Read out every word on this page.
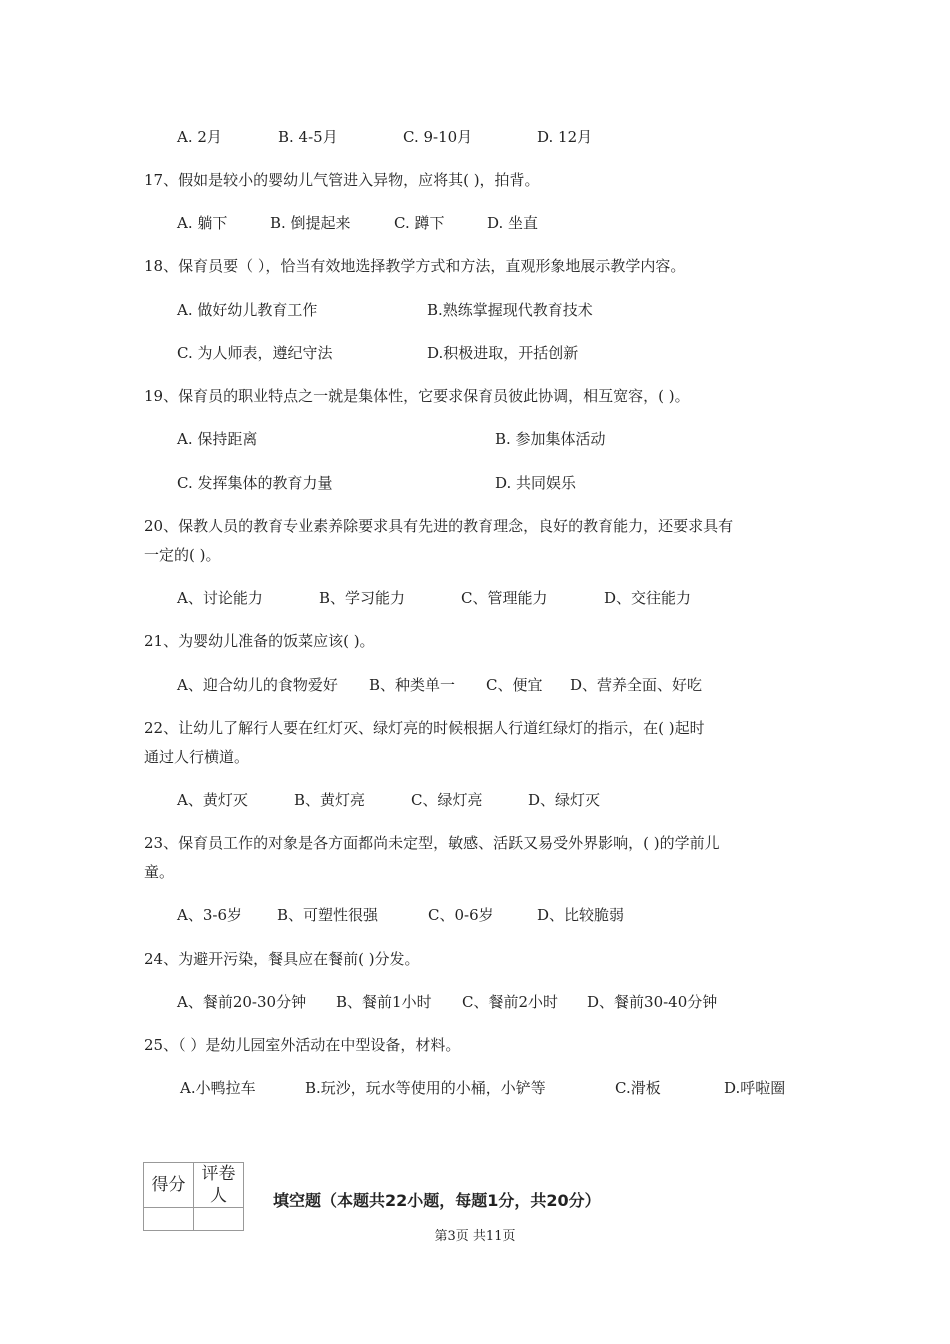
A. 2月	B. 4-5月	C. 9-10月	D. 12月
17、假如是较小的婴幼儿气管进入异物，应将其( )，拍背。
A. 躺下	B. 倒提起来	C. 蹲下	D. 坐直
18、保育员要（ ），恰当有效地选择教学方式和方法，直观形象地展示教学内容。
A. 做好幼儿教育工作	B.熟练掌握现代教育技术
C. 为人师表，遵纪守法	D.积极进取，开括创新
19、保育员的职业特点之一就是集体性，它要求保育员彼此协调，相互宽容，( )。
A. 保持距离	B. 参加集体活动
C. 发挥集体的教育力量	D. 共同娱乐
20、保教人员的教育专业素养除要求具有先进的教育理念，良好的教育能力，还要求具有
一定的( )。
A、讨论能力	B、学习能力	C、管理能力	D、交往能力
21、为婴幼儿准备的饭菜应该( )。
A、迎合幼儿的食物爱好 B、种类单一 C、便宜 D、营养全面、好吃
22、让幼儿了解行人要在红灯灭、绿灯亮的时候根据人行道红绿灯的指示，在( )起时
通过人行横道。
A、黄灯灭	B、黄灯亮	C、绿灯亮	D、绿灯灭
23、保育员工作的对象是各方面都尚未定型，敏感、活跃又易受外界影响，( )的学前儿
童。
A、3-6岁 B、可塑性很强	C、0-6岁	D、比较脆弱
24、为避开污染，餐具应在餐前( )分发。
A、餐前20-30分钟 B、餐前1小时 C、餐前2小时 D、餐前30-40分钟
25、（ ）是幼儿园室外活动在中型设备，材料。
A.小鸭拉车	B.玩沙，玩水等使用的小桶，小铲等	C.滑板	D.呼啦圈
得分	评卷人
		填空题（本题共22小题，每题1分，共20分）
第3页 共11页
